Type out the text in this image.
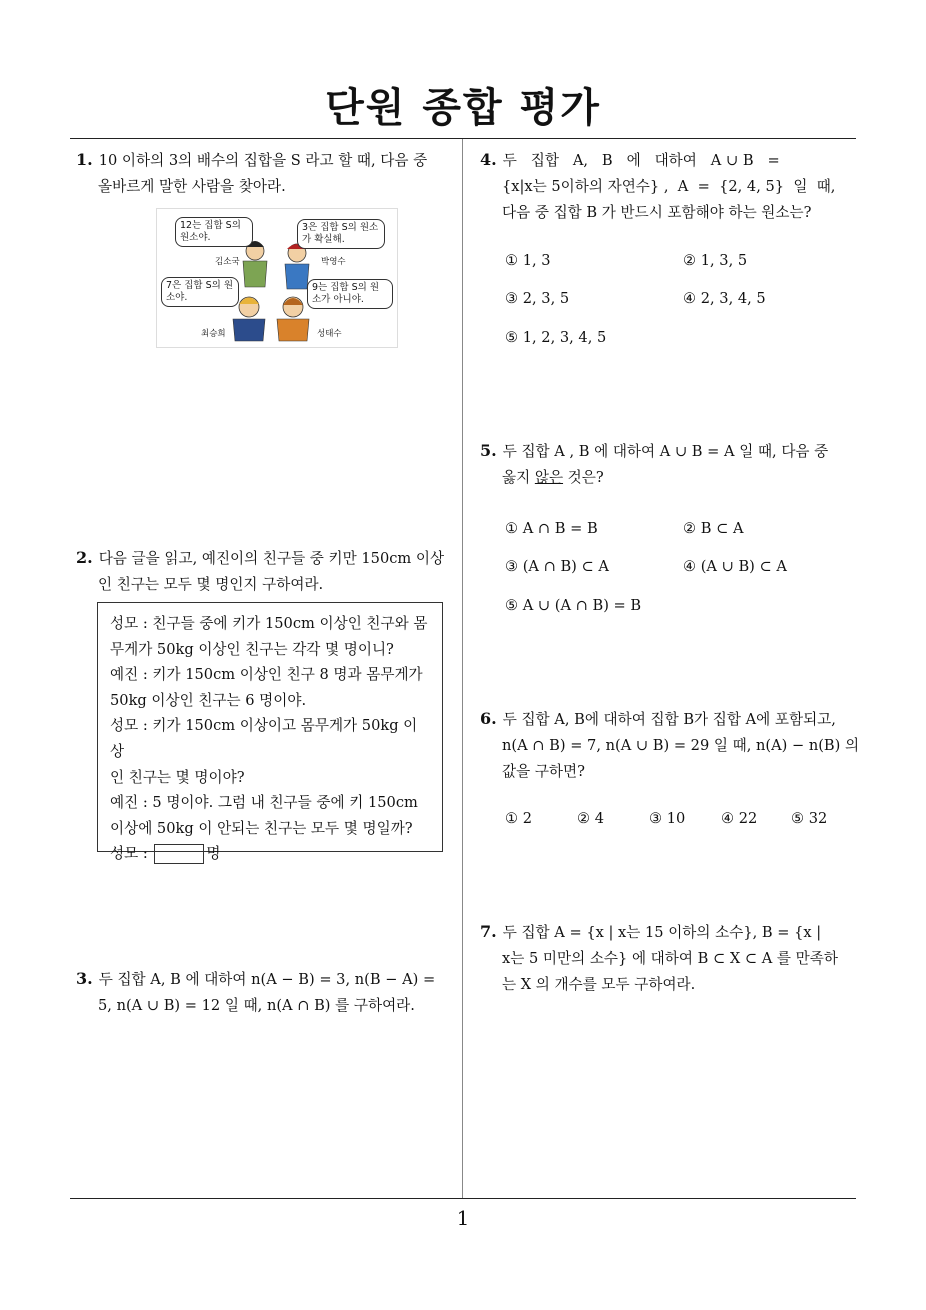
단원 종합 평가
1
1. 10 이하의 3의 배수의 집합을 S 라고 할 때, 다음 중
올바르게 말한 사람을 찾아라.
12는 집합 S의 원소야.
3은 집합 S의 원소가 확실해.
7은 집합 S의 원소야.
9는 집합 S의 원소가 아니야.
김소국	박영수
최승희	성태수
2. 다음 글을 읽고, 예진이의 친구들 중 키만 150cm 이상
인 친구는 모두 몇 명인지 구하여라.
성모 : 친구들 중에 키가 150cm 이상인 친구와 몸
무게가 50kg 이상인 친구는 각각 몇 명이니?
예진 : 키가 150cm 이상인 친구 8 명과 몸무게가
50kg 이상인 친구는 6 명이야.
성모 : 키가 150cm 이상이고 몸무게가 50kg 이상
인 친구는 몇 명이야?
예진 : 5 명이야. 그럼 내 친구들 중에 키 150cm
이상에 50kg 이 안되는 친구는 모두 몇 명일까?
성모 :	명
3. 두 집합 A, B 에 대하여 n(A − B) = 3, n(B − A) =
5, n(A ∪ B) = 12 일 때, n(A ∩ B) 를 구하여라.
4. 두   집합   A,   B   에   대하여   A ∪ B   =
{x|x는 5이하의 자연수} ,  A  =  {2, 4, 5}  일  때,
다음 중 집합 B 가 반드시 포함해야 하는 원소는?
① 1, 3	② 1, 3, 5
③ 2, 3, 5	④ 2, 3, 4, 5
⑤ 1, 2, 3, 4, 5
5. 두 집합 A , B 에 대하여 A ∪ B = A 일 때, 다음 중
옳지 않은 것은?
① A ∩ B = B	② B ⊂ A
③ (A ∩ B) ⊂ A	④ (A ∪ B) ⊂ A
⑤ A ∪ (A ∩ B) = B
6. 두 집합 A, B에 대하여 집합 B가 집합 A에 포함되고,
n(A ∩ B) = 7, n(A ∪ B) = 29 일 때, n(A) − n(B) 의
값을 구하면?
① 2	② 4	③ 10 ④ 22 ⑤ 32
7. 두 집합 A = {x | x는 15 이하의 소수}, B = {x |
x는 5 미만의 소수} 에 대하여 B ⊂ X ⊂ A 를 만족하
는 X 의 개수를 모두 구하여라.
